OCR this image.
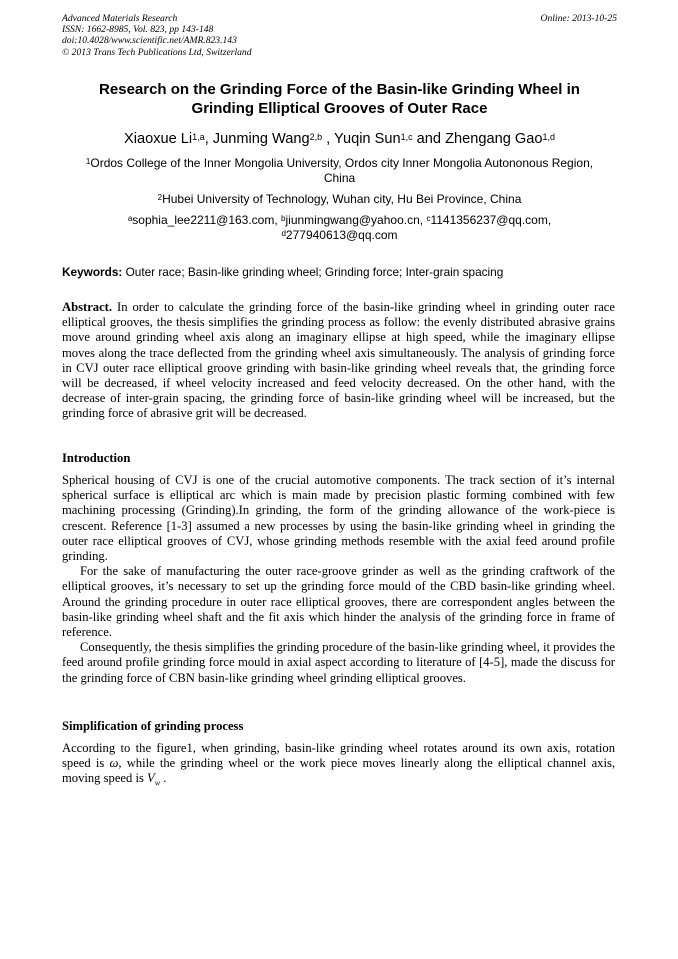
Advanced Materials Research
ISSN: 1662-8985, Vol. 823, pp 143-148
doi:10.4028/www.scientific.net/AMR.823.143
© 2013 Trans Tech Publications Ltd, Switzerland
Online: 2013-10-25
Research on the Grinding Force of the Basin-like Grinding Wheel in
Grinding Elliptical Grooves of Outer Race
Xiaoxue Li$^{1,a}$, Junming Wang$^{2,b}$ , Yuqin Sun$^{1,c}$ and Zhengang Gao$^{1,d}$
$^1$Ordos College of the Inner Mongolia University, Ordos city Inner Mongolia Autononous Region,
China
$^2$Hubei University of Technology, Wuhan city, Hu Bei Province, China
$^a$sophia_lee2211@163.com, $^b$jiunmingwang@yahoo.cn, $^c$1141356237@qq.com,
$^d$277940613@qq.com
Keywords: Outer race; Basin-like grinding wheel; Grinding force; Inter-grain spacing
Abstract. In order to calculate the grinding force of the basin-like grinding wheel in grinding outer race elliptical grooves, the thesis simplifies the grinding process as follow: the evenly distributed abrasive grains move around grinding wheel axis along an imaginary ellipse at high speed, while the imaginary ellipse moves along the trace deflected from the grinding wheel axis simultaneously. The analysis of grinding force in CVJ outer race elliptical groove grinding with basin-like grinding wheel reveals that, the grinding force will be decreased, if wheel velocity increased and feed velocity decreased. On the other hand, with the decrease of inter-grain spacing, the grinding force of basin-like grinding wheel will be increased, but the grinding force of abrasive grit will be decreased.
Introduction
Spherical housing of CVJ is one of the crucial automotive components. The track section of it’s internal spherical surface is elliptical arc which is main made by precision plastic forming combined with few machining processing (Grinding).In grinding, the form of the grinding allowance of the work-piece is crescent. Reference [1-3] assumed a new processes by using the basin-like grinding wheel in grinding the outer race elliptical grooves of CVJ, whose grinding methods resemble with the axial feed around profile grinding.
For the sake of manufacturing the outer race-groove grinder as well as the grinding craftwork of the elliptical grooves, it’s necessary to set up the grinding force mould of the CBD basin-like grinding wheel. Around the grinding procedure in outer race elliptical grooves, there are correspondent angles between the basin-like grinding wheel shaft and the fit axis which hinder the analysis of the grinding force in frame of reference.
Consequently, the thesis simplifies the grinding procedure of the basin-like grinding wheel, it provides the feed around profile grinding force mould in axial aspect according to literature of [4-5], made the discuss for the grinding force of CBN basin-like grinding wheel grinding elliptical grooves.
Simplification of grinding process
According to the figure1, when grinding, basin-like grinding wheel rotates around its own axis, rotation speed is ω, while the grinding wheel or the work piece moves linearly along the elliptical channel axis, moving speed is $V_w$ .
